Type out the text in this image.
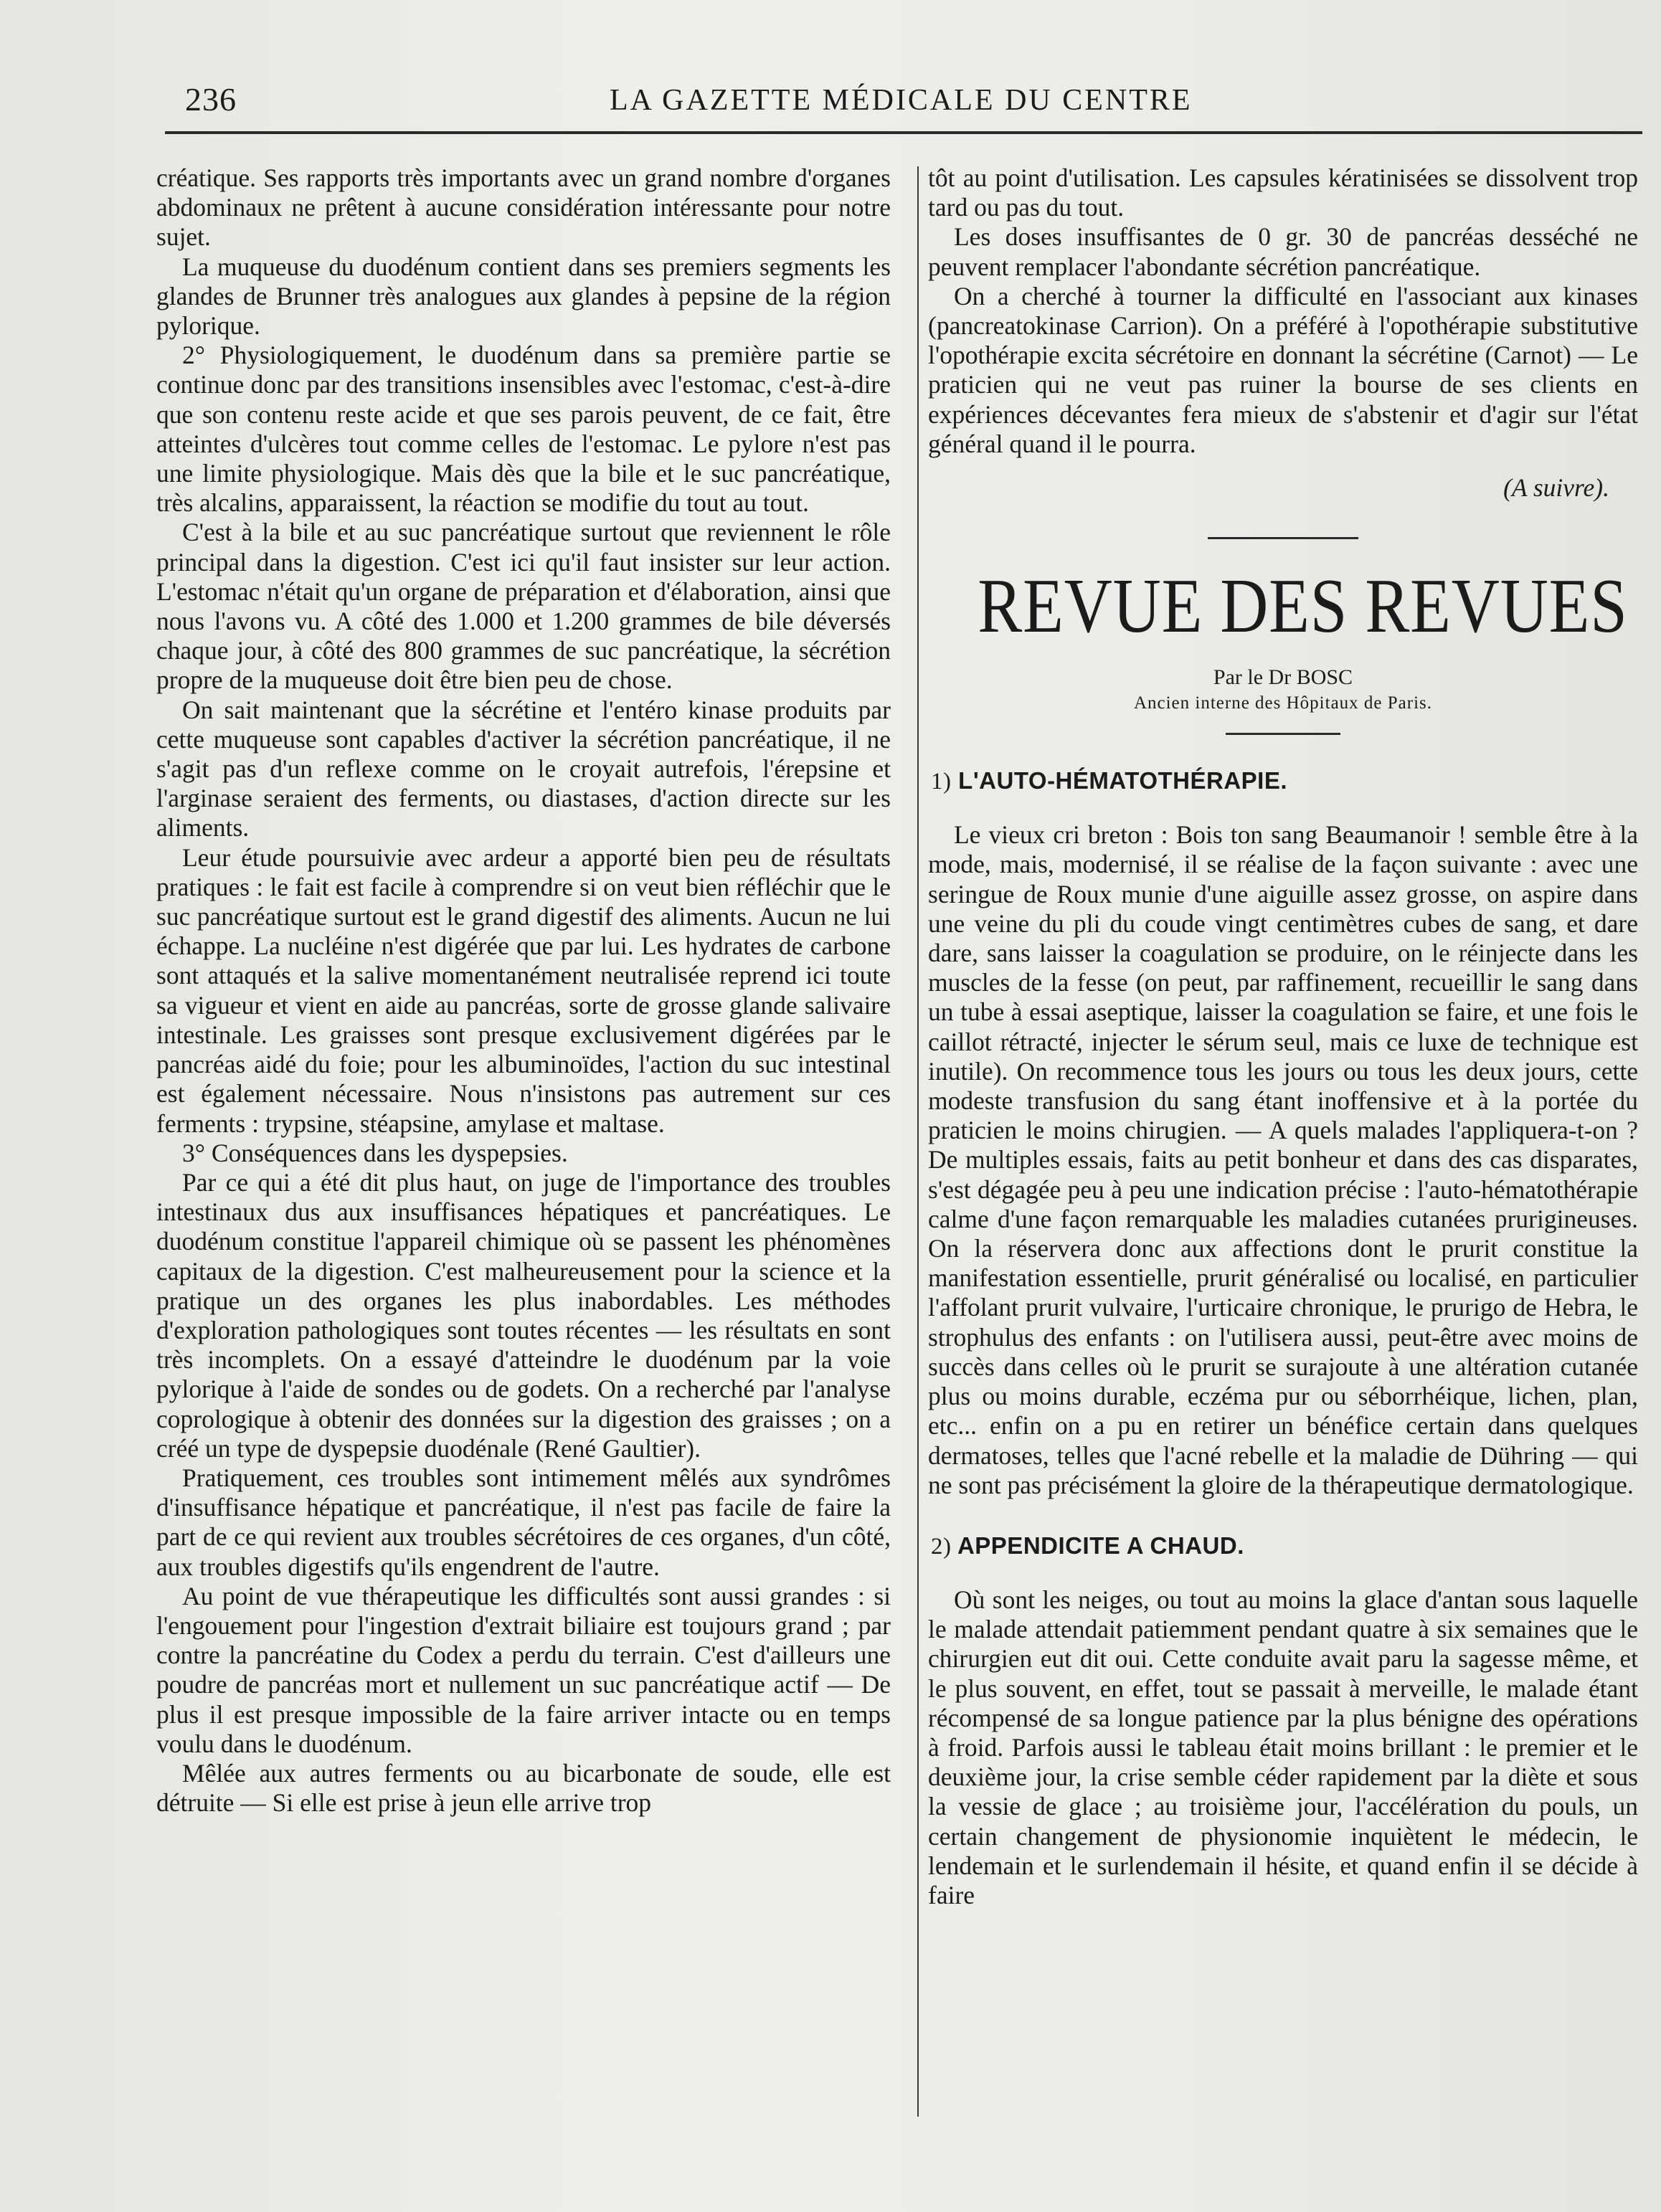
236	LA GAZETTE MÉDICALE DU CENTRE

créatique. Ses rapports très importants avec un grand nombre d'organes abdominaux ne prêtent à aucune considération intéressante pour notre sujet.

La muqueuse du duodénum contient dans ses premiers segments les glandes de Brunner très analogues aux glandes à pepsine de la région pylorique.

2° Physiologiquement, le duodénum dans sa première partie se continue donc par des transitions insensibles avec l'estomac, c'est-à-dire que son contenu reste acide et que ses parois peuvent, de ce fait, être atteintes d'ulcères tout comme celles de l'estomac. Le pylore n'est pas une limite physiologique. Mais dès que la bile et le suc pancréatique, très alcalins, apparaissent, la réaction se modifie du tout au tout.

C'est à la bile et au suc pancréatique surtout que reviennent le rôle principal dans la digestion. C'est ici qu'il faut insister sur leur action. L'estomac n'était qu'un organe de préparation et d'élaboration, ainsi que nous l'avons vu. A côté des 1.000 et 1.200 grammes de bile déversés chaque jour, à côté des 800 grammes de suc pancréatique, la sécrétion propre de la muqueuse doit être bien peu de chose.

On sait maintenant que la sécrétine et l'entéro kinase produits par cette muqueuse sont capables d'activer la sécrétion pancréatique, il ne s'agit pas d'un reflexe comme on le croyait autrefois, l'érepsine et l'arginase seraient des ferments, ou diastases, d'action directe sur les aliments.

Leur étude poursuivie avec ardeur a apporté bien peu de résultats pratiques : le fait est facile à comprendre si on veut bien réfléchir que le suc pancréatique surtout est le grand digestif des aliments. Aucun ne lui échappe. La nucléine n'est digérée que par lui. Les hydrates de carbone sont attaqués et la salive momentanément neutralisée reprend ici toute sa vigueur et vient en aide au pancréas, sorte de grosse glande salivaire intestinale. Les graisses sont presque exclusivement digérées par le pancréas aidé du foie; pour les albuminoïdes, l'action du suc intestinal est également nécessaire. Nous n'insistons pas autrement sur ces ferments : trypsine, stéapsine, amylase et maltase.

3° Conséquences dans les dyspepsies.

Par ce qui a été dit plus haut, on juge de l'importance des troubles intestinaux dus aux insuffisances hépatiques et pancréatiques. Le duodénum constitue l'appareil chimique où se passent les phénomènes capitaux de la digestion. C'est malheureusement pour la science et la pratique un des organes les plus inabordables. Les méthodes d'exploration pathologiques sont toutes récentes — les résultats en sont très incomplets. On a essayé d'atteindre le duodénum par la voie pylorique à l'aide de sondes ou de godets. On a recherché par l'analyse coprologique à obtenir des données sur la digestion des graisses ; on a créé un type de dyspepsie duodénale (René Gaultier).

Pratiquement, ces troubles sont intimement mêlés aux syndrômes d'insuffisance hépatique et pancréatique, il n'est pas facile de faire la part de ce qui revient aux troubles sécrétoires de ces organes, d'un côté, aux troubles digestifs qu'ils engendrent de l'autre.

Au point de vue thérapeutique les difficultés sont aussi grandes : si l'engouement pour l'ingestion d'extrait biliaire est toujours grand ; par contre la pancréatine du Codex a perdu du terrain. C'est d'ailleurs une poudre de pancréas mort et nullement un suc pancréatique actif — De plus il est presque impossible de la faire arriver intacte ou en temps voulu dans le duodénum.

Mêlée aux autres ferments ou au bicarbonate de soude, elle est détruite — Si elle est prise à jeun elle arrive trop

tôt au point d'utilisation. Les capsules kératinisées se dissolvent trop tard ou pas du tout.

Les doses insuffisantes de 0 gr. 30 de pancréas desséché ne peuvent remplacer l'abondante sécrétion pancréatique.

On a cherché à tourner la difficulté en l'associant aux kinases (pancreatokinase Carrion). On a préféré à l'opothérapie substitutive l'opothérapie excita sécrétoire en donnant la sécrétine (Carnot) — Le praticien qui ne veut pas ruiner la bourse de ses clients en expériences décevantes fera mieux de s'abstenir et d'agir sur l'état général quand il le pourra.

(A suivre).
REVUE DES REVUES
Par le Dr BOSC
Ancien interne des Hôpitaux de Paris.
1) L'AUTO-HÉMATOTHÉRAPIE.

Le vieux cri breton : Bois ton sang Beaumanoir ! semble être à la mode, mais, modernisé, il se réalise de la façon suivante : avec une seringue de Roux munie d'une aiguille assez grosse, on aspire dans une veine du pli du coude vingt centimètres cubes de sang, et dare dare, sans laisser la coagulation se produire, on le réinjecte dans les muscles de la fesse (on peut, par raffinement, recueillir le sang dans un tube à essai aseptique, laisser la coagulation se faire, et une fois le caillot rétracté, injecter le sérum seul, mais ce luxe de technique est inutile). On recommence tous les jours ou tous les deux jours, cette modeste transfusion du sang étant inoffensive et à la portée du praticien le moins chirugien. — A quels malades l'appliquera-t-on ? De multiples essais, faits au petit bonheur et dans des cas disparates, s'est dégagée peu à peu une indication précise : l'auto-hématothérapie calme d'une façon remarquable les maladies cutanées prurigineuses. On la réservera donc aux affections dont le prurit constitue la manifestation essentielle, prurit généralisé ou localisé, en particulier l'affolant prurit vulvaire, l'urticaire chronique, le prurigo de Hebra, le strophulus des enfants : on l'utilisera aussi, peut-être avec moins de succès dans celles où le prurit se surajoute à une altération cutanée plus ou moins durable, eczéma pur ou séborrhéique, lichen, plan, etc... enfin on a pu en retirer un bénéfice certain dans quelques dermatoses, telles que l'acné rebelle et la maladie de Dühring — qui ne sont pas précisément la gloire de la thérapeutique dermatologique.

2) APPENDICITE A CHAUD.

Où sont les neiges, ou tout au moins la glace d'antan sous laquelle le malade attendait patiemment pendant quatre à six semaines que le chirurgien eut dit oui. Cette conduite avait paru la sagesse même, et le plus souvent, en effet, tout se passait à merveille, le malade étant récompensé de sa longue patience par la plus bénigne des opérations à froid. Parfois aussi le tableau était moins brillant : le premier et le deuxième jour, la crise semble céder rapidement par la diète et sous la vessie de glace ; au troisième jour, l'accélération du pouls, un certain changement de physionomie inquiètent le médecin, le lendemain et le surlendemain il hésite, et quand enfin il se décide à faire
